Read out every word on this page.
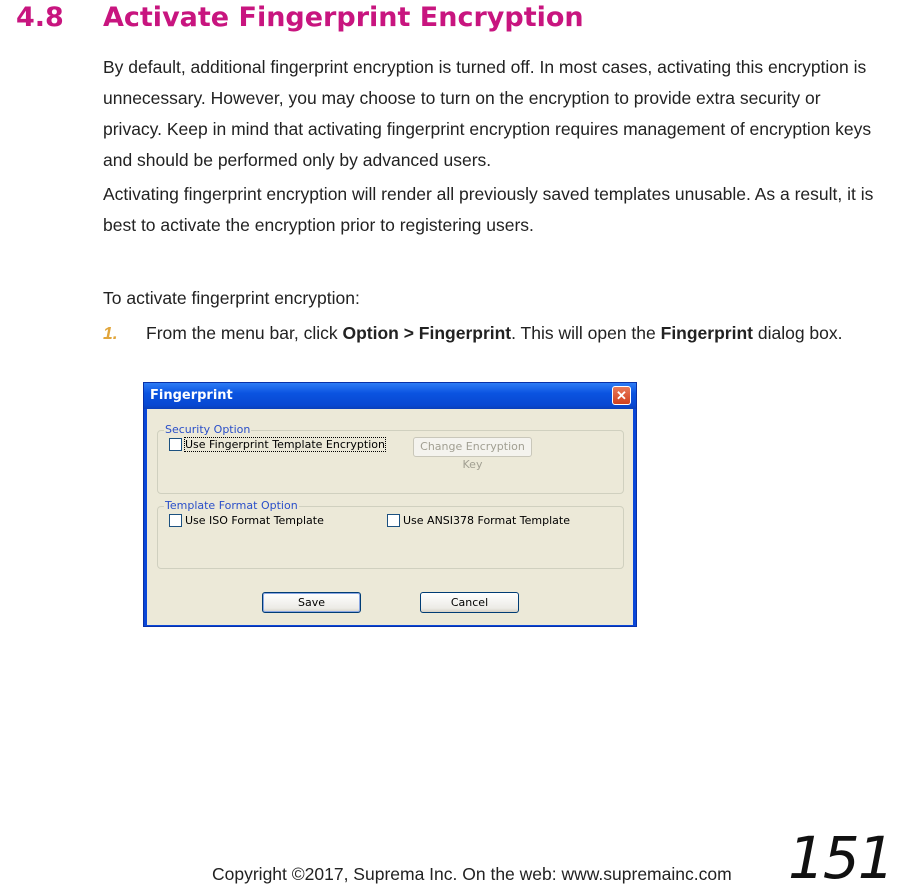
4.8 Activate Fingerprint Encryption
By default, additional fingerprint encryption is turned off. In most cases, activating this encryption is unnecessary. However, you may choose to turn on the encryption to provide extra security or privacy. Keep in mind that activating fingerprint encryption requires management of encryption keys and should be performed only by advanced users.
Activating fingerprint encryption will render all previously saved templates unusable. As a result, it is best to activate the encryption prior to registering users.
To activate fingerprint encryption:
1. From the menu bar, click Option > Fingerprint. This will open the Fingerprint dialog box.
Fingerprint	✕
Security Option
Use Fingerprint Template Encryption	Change Encryption Key
Template Format Option
Use ISO Format Template	Use ANSI378 Format Template
Save	Cancel
Copyright ©2017, Suprema Inc. On the web: www.supremainc.com 151
